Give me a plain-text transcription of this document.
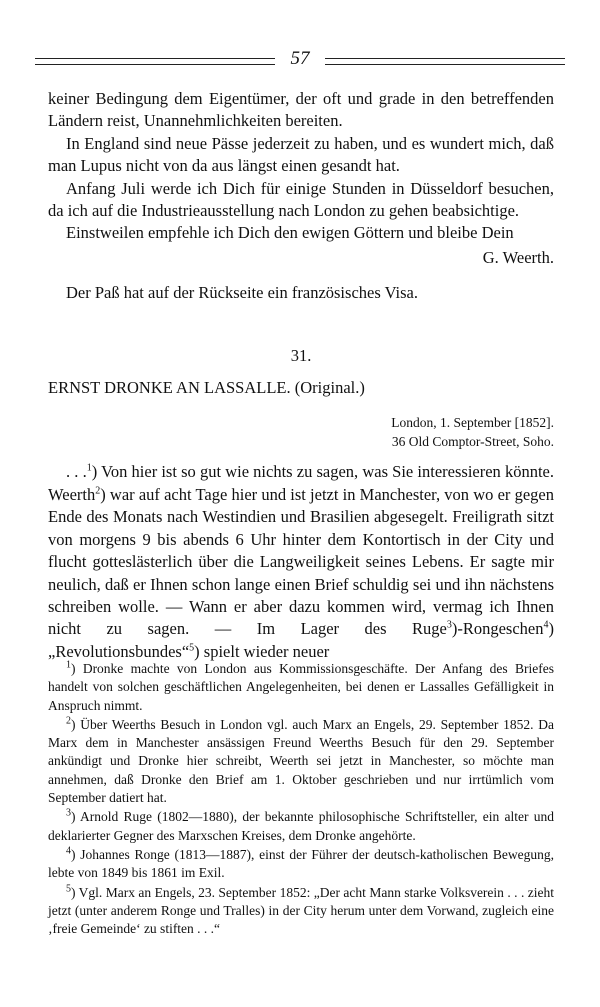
57

keiner Bedingung dem Eigentümer, der oft und grade in den betreffenden Ländern reist, Unannehmlichkeiten bereiten.

In England sind neue Pässe jederzeit zu haben, und es wundert mich, daß man Lupus nicht von da aus längst einen gesandt hat.

Anfang Juli werde ich Dich für einige Stunden in Düsseldorf besuchen, da ich auf die Industrieausstellung nach London zu gehen beabsichtige.

Einstweilen empfehle ich Dich den ewigen Göttern und bleibe Dein

G. Weerth.

Der Paß hat auf der Rückseite ein französisches Visa.

31.

ERNST DRONKE AN LASSALLE. (Original.)

London, 1. September [1852].
36 Old Comptor-Street, Soho.

. . .$^1$) Von hier ist so gut wie nichts zu sagen, was Sie interessieren könnte. Weerth$^2$) war auf acht Tage hier und ist jetzt in Manchester, von wo er gegen Ende des Monats nach Westindien und Brasilien abgesegelt. Freiligrath sitzt von morgens 9 bis abends 6 Uhr hinter dem Kontortisch in der City und flucht gotteslästerlich über die Langweiligkeit seines Lebens. Er sagte mir neulich, daß er Ihnen schon lange einen Brief schuldig sei und ihn nächstens schreiben wolle. — Wann er aber dazu kommen wird, vermag ich Ihnen nicht zu sagen. — Im Lager des Ruge$^3$)-Rongeschen$^4$) „Revolutionsbundes“$^5$) spielt wieder neuer

$^1$) Dronke machte von London aus Kommissionsgeschäfte. Der Anfang des Briefes handelt von solchen geschäftlichen Angelegenheiten, bei denen er Lassalles Gefälligkeit in Anspruch nimmt.

$^2$) Über Weerths Besuch in London vgl. auch Marx an Engels, 29. September 1852. Da Marx dem in Manchester ansässigen Freund Weerths Besuch für den 29. September ankündigt und Dronke hier schreibt, Weerth sei jetzt in Manchester, so möchte man annehmen, daß Dronke den Brief am 1. Oktober geschrieben und nur irrtümlich vom September datiert hat.

$^3$) Arnold Ruge (1802—1880), der bekannte philosophische Schriftsteller, ein alter und deklarierter Gegner des Marxschen Kreises, dem Dronke angehörte.

$^4$) Johannes Ronge (1813—1887), einst der Führer der deutsch-katholischen Bewegung, lebte von 1849 bis 1861 im Exil.

$^5$) Vgl. Marx an Engels, 23. September 1852: „Der acht Mann starke Volksverein . . . zieht jetzt (unter anderem Ronge und Tralles) in der City herum unter dem Vorwand, zugleich eine ‚freie Gemeinde‘ zu stiften . . .“
